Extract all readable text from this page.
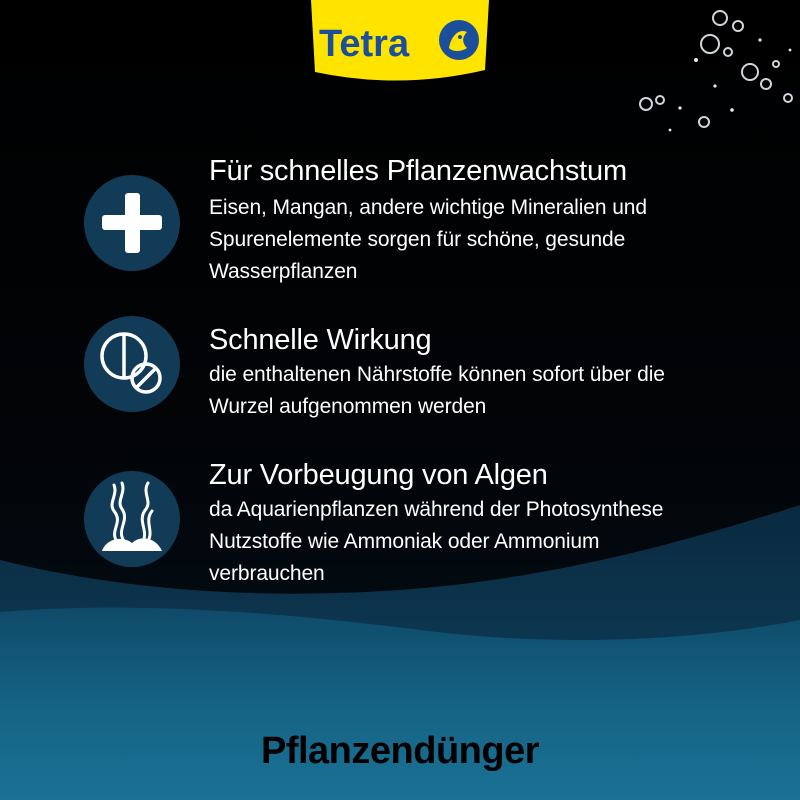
Tetra
Für schnelles Pflanzenwachstum

Eisen, Mangan, andere wichtige Mineralien und
Spurenelemente sorgen für schöne, gesunde
Wasserpflanzen

Schnelle Wirkung

die enthaltenen Nährstoffe können sofort über die
Wurzel aufgenommen werden

Zur Vorbeugung von Algen

da Aquarienpflanzen während der Photosynthese
Nutzstoffe wie Ammoniak oder Ammonium
verbrauchen

Pflanzendünger
